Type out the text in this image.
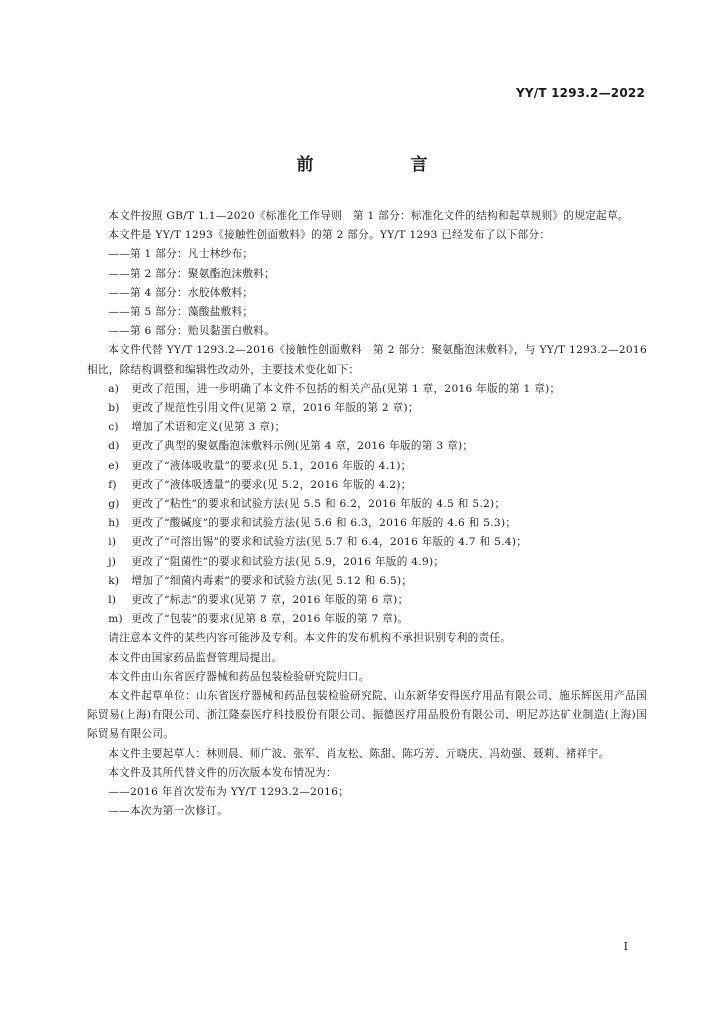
YY/T 1293.2—2022
前　言

本文件按照 GB/T 1.1—2020《标准化工作导则　第 1 部分：标准化文件的结构和起草规则》的规定起草。

本文件是 YY/T 1293《接触性创面敷料》的第 2 部分。YY/T 1293 已经发布了以下部分：

——第 1 部分：凡士林纱布；

——第 2 部分：聚氨酯泡沫敷料；

——第 4 部分：水胶体敷料；

——第 5 部分：藻酸盐敷料；

——第 6 部分：贻贝黏蛋白敷料。

本文件代替 YY/T 1293.2—2016《接触性创面敷料　第 2 部分：聚氨酯泡沫敷料》，与 YY/T 1293.2—2016 相比，除结构调整和编辑性改动外，主要技术变化如下：

a)	更改了范围，进一步明确了本文件不包括的相关产品(见第 1 章，2016 年版的第 1 章)；
b)	更改了规范性引用文件(见第 2 章，2016 年版的第 2 章)；
c)	增加了术语和定义(见第 3 章)；
d)	更改了典型的聚氨酯泡沫敷料示例(见第 4 章，2016 年版的第 3 章)；
e)	更改了“液体吸收量”的要求(见 5.1，2016 年版的 4.1)；
f)	更改了“液体吸透量”的要求(见 5.2，2016 年版的 4.2)；
g)	更改了“粘性”的要求和试验方法(见 5.5 和 6.2，2016 年版的 4.5 和 5.2)；
h)	更改了“酸碱度”的要求和试验方法(见 5.6 和 6.3，2016 年版的 4.6 和 5.3)；
i)	更改了“可溶出锡”的要求和试验方法(见 5.7 和 6.4，2016 年版的 4.7 和 5.4)；
j)	更改了“阻菌性”的要求和试验方法(见 5.9，2016 年版的 4.9)；
k)	增加了“细菌内毒素”的要求和试验方法(见 5.12 和 6.5)；
l)	更改了“标志”的要求(见第 7 章，2016 年版的第 6 章)；
m) 更改了“包装”的要求(见第 8 章，2016 年版的第 7 章)。

请注意本文件的某些内容可能涉及专利。本文件的发布机构不承担识别专利的责任。

本文件由国家药品监督管理局提出。

本文件由山东省医疗器械和药品包装检验研究院归口。

本文件起草单位：山东省医疗器械和药品包装检验研究院、山东新华安得医疗用品有限公司、施乐辉医用产品国际贸易(上海)有限公司、浙江隆泰医疗科技股份有限公司、振德医疗用品股份有限公司、明尼苏达矿业制造(上海)国际贸易有限公司。

本文件主要起草人：林则晨、师广波、张军、肖友松、陈甜、陈巧芳、亓晓庆、冯幼强、聂莉、褚祥宇。

本文件及其所代替文件的历次版本发布情况为：

——2016 年首次发布为 YY/T 1293.2—2016；

——本次为第一次修订。

I
